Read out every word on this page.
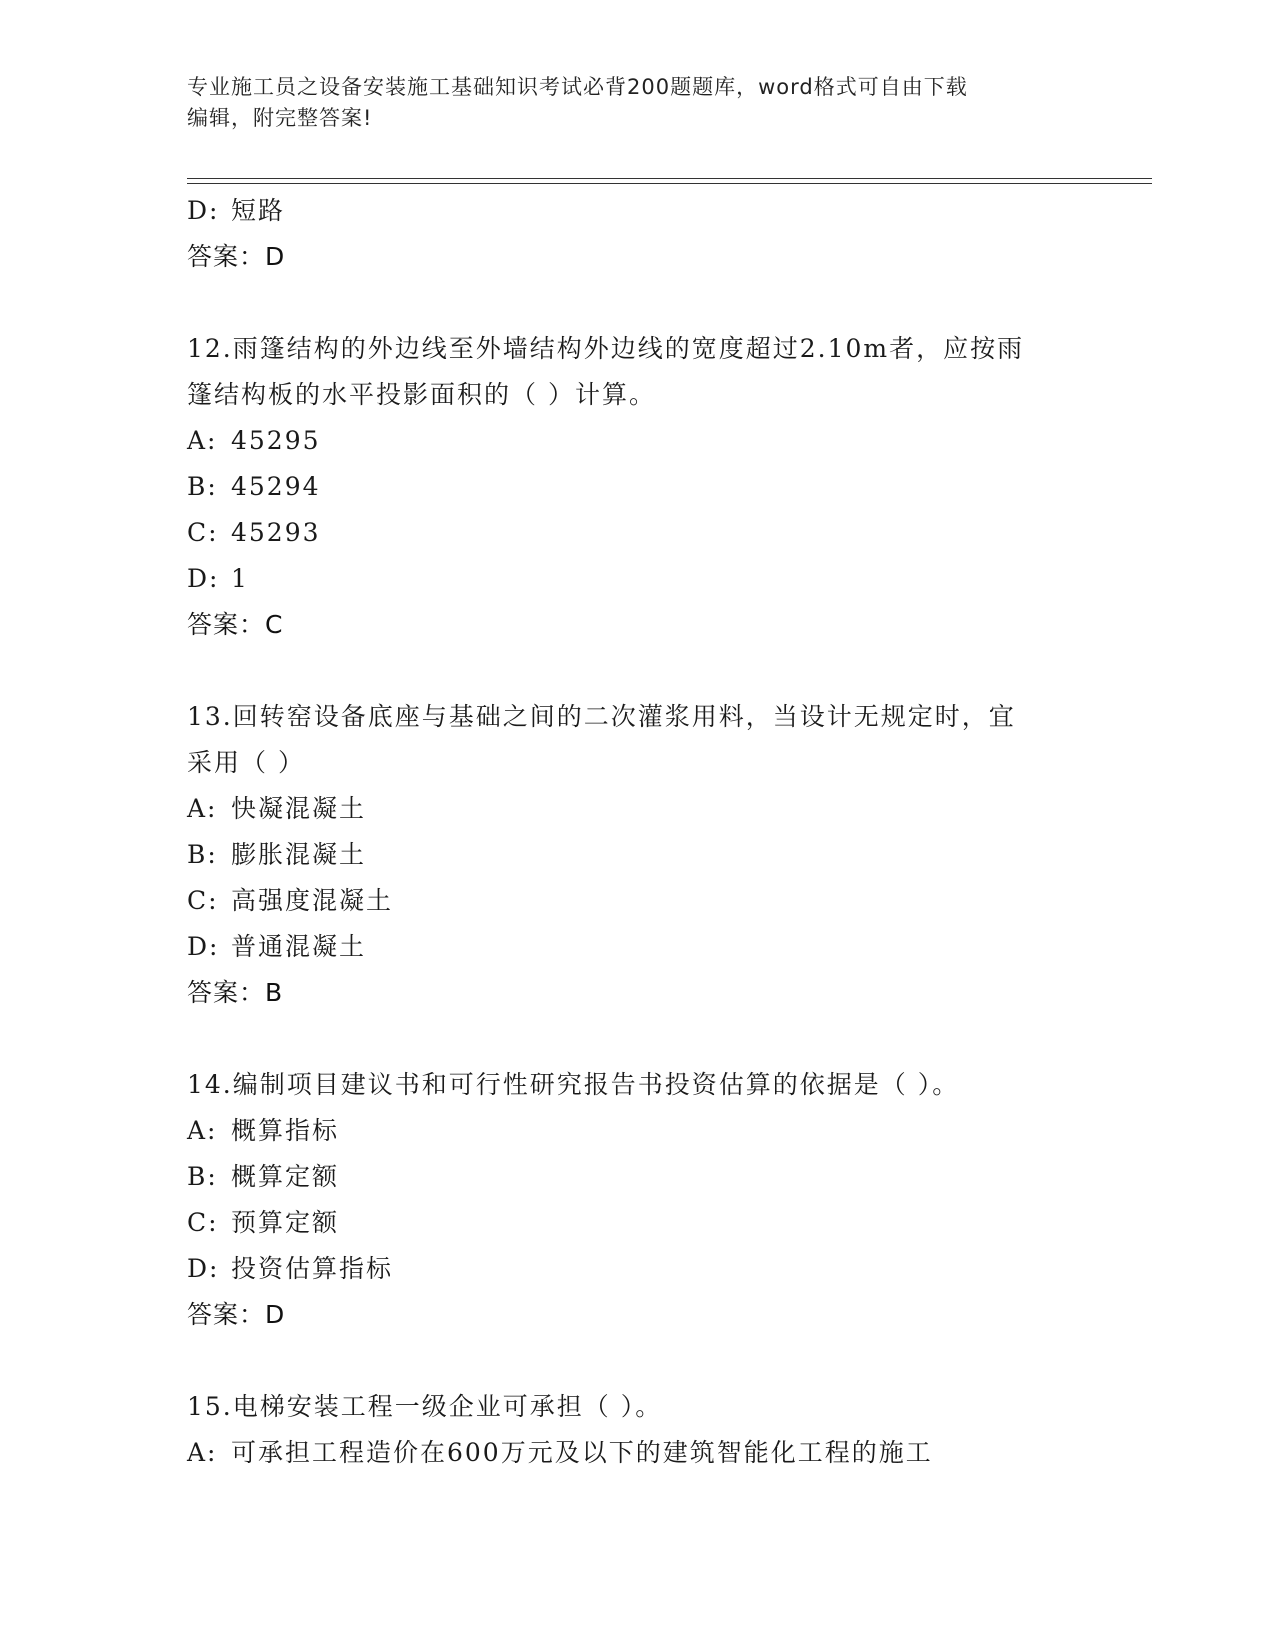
专业施工员之设备安装施工基础知识考试必背200题题库，word格式可自由下载
编辑，附完整答案!
D: 短路
答案：D
12.雨篷结构的外边线至外墙结构外边线的宽度超过2.10m者，应按雨
篷结构板的水平投影面积的（ ）计算。
A: 45295
B: 45294
C: 45293
D: 1
答案：C
13.回转窑设备底座与基础之间的二次灌浆用料，当设计无规定时，宜
采用（ ）
A: 快凝混凝土
B: 膨胀混凝土
C: 高强度混凝土
D: 普通混凝土
答案：B
14.编制项目建议书和可行性研究报告书投资估算的依据是（ ）。
A: 概算指标
B: 概算定额
C: 预算定额
D: 投资估算指标
答案：D
15.电梯安装工程一级企业可承担（ ）。
A: 可承担工程造价在600万元及以下的建筑智能化工程的施工
